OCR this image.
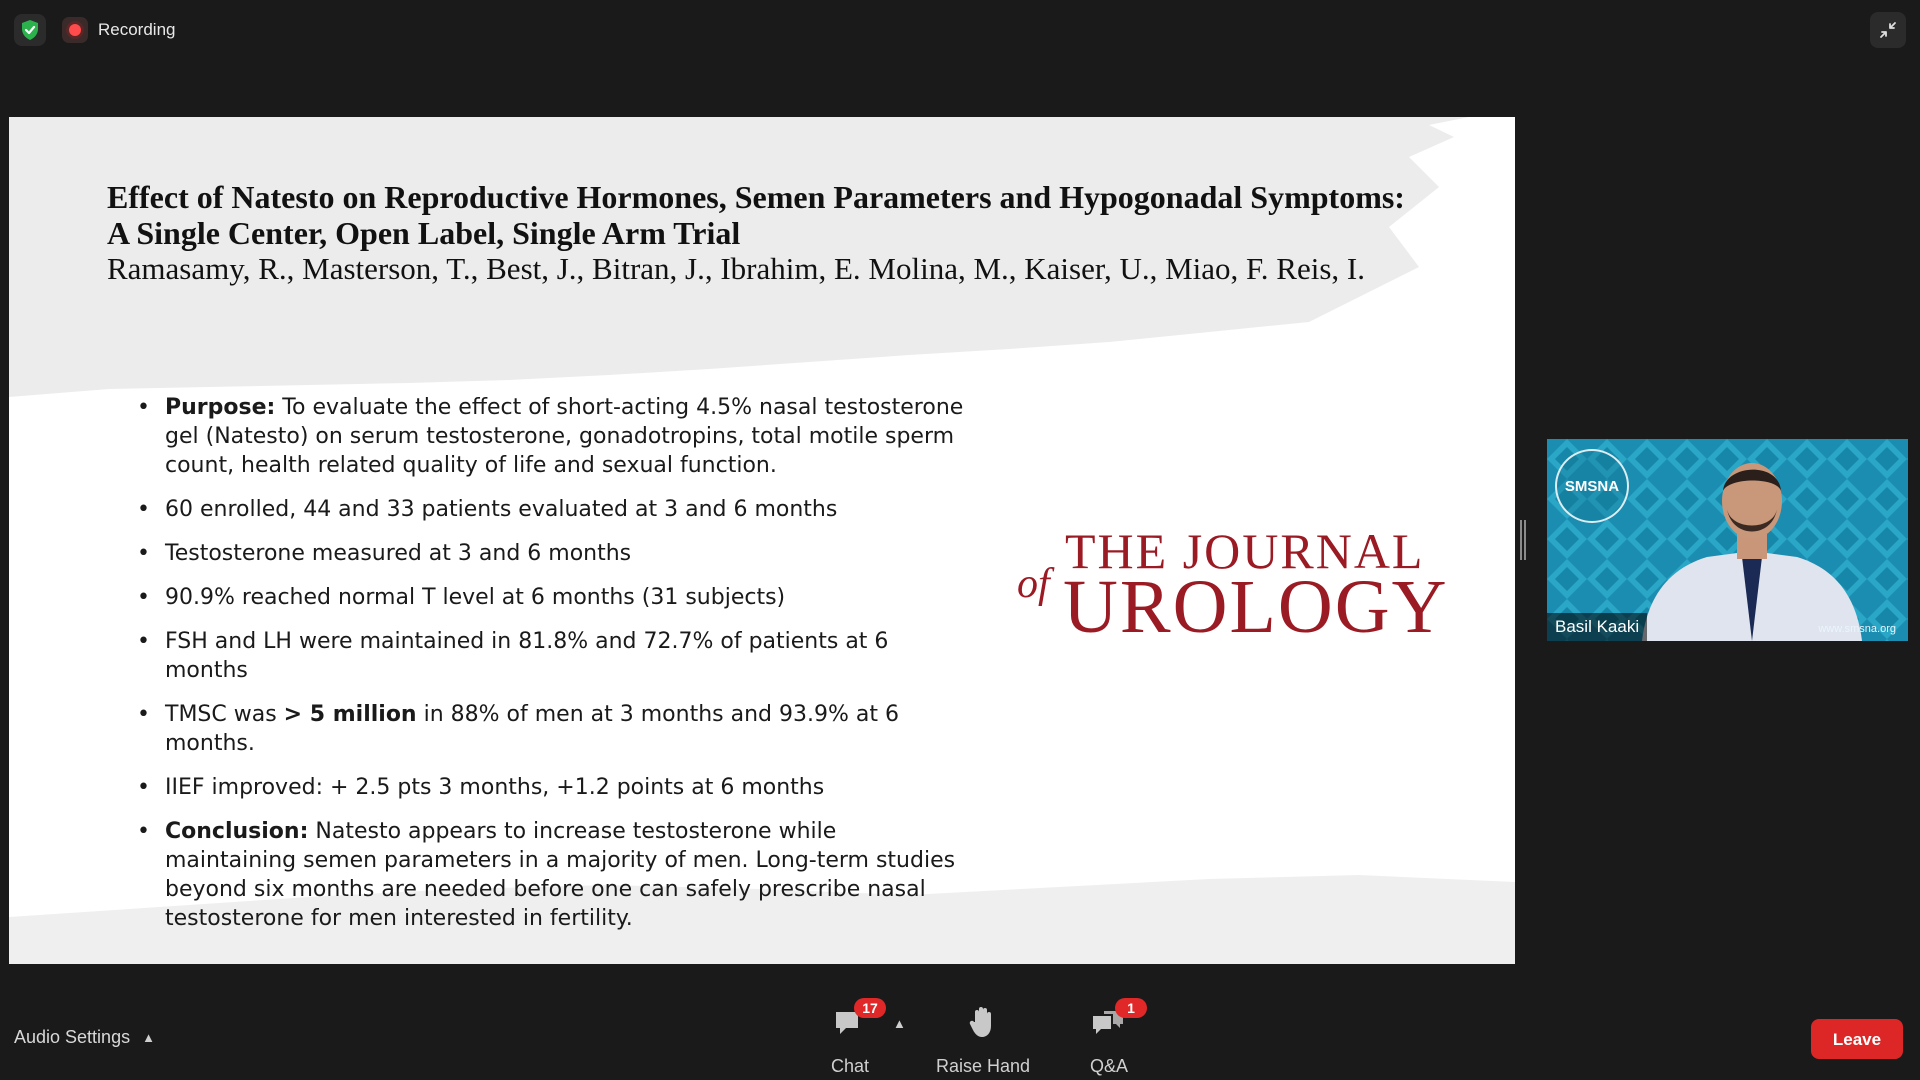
Recording
Effect of Natesto on Reproductive Hormones, Semen Parameters and Hypogonadal Symptoms: A Single Center, Open Label, Single Arm Trial
Ramasamy, R., Masterson, T., Best, J., Bitran, J., Ibrahim, E. Molina, M., Kaiser, U., Miao, F. Reis, I.
• Purpose: To evaluate the effect of short-acting 4.5% nasal testosterone gel (Natesto) on serum testosterone, gonadotropins, total motile sperm count, health related quality of life and sexual function.
• 60 enrolled, 44 and 33 patients evaluated at 3 and 6 months
• Testosterone measured at 3 and 6 months
• 90.9% reached normal T level at 6 months (31 subjects)
• FSH and LH were maintained in 81.8% and 72.7% of patients at 6 months
• TMSC was > 5 million in 88% of men at 3 months and 93.9% at 6 months.
• IIEF improved: + 2.5 pts 3 months, +1.2 points at 6 months
• Conclusion: Natesto appears to increase testosterone while maintaining semen parameters in a majority of men. Long-term studies beyond six months are needed before one can safely prescribe nasal testosterone for men interested in fertility.
THE JOURNAL
of UROLOGY
SMSNA
www.smsna.org
Basil Kaaki
Audio Settings ▲
17
Chat
▲
Raise Hand
1
Q&A
Leave
